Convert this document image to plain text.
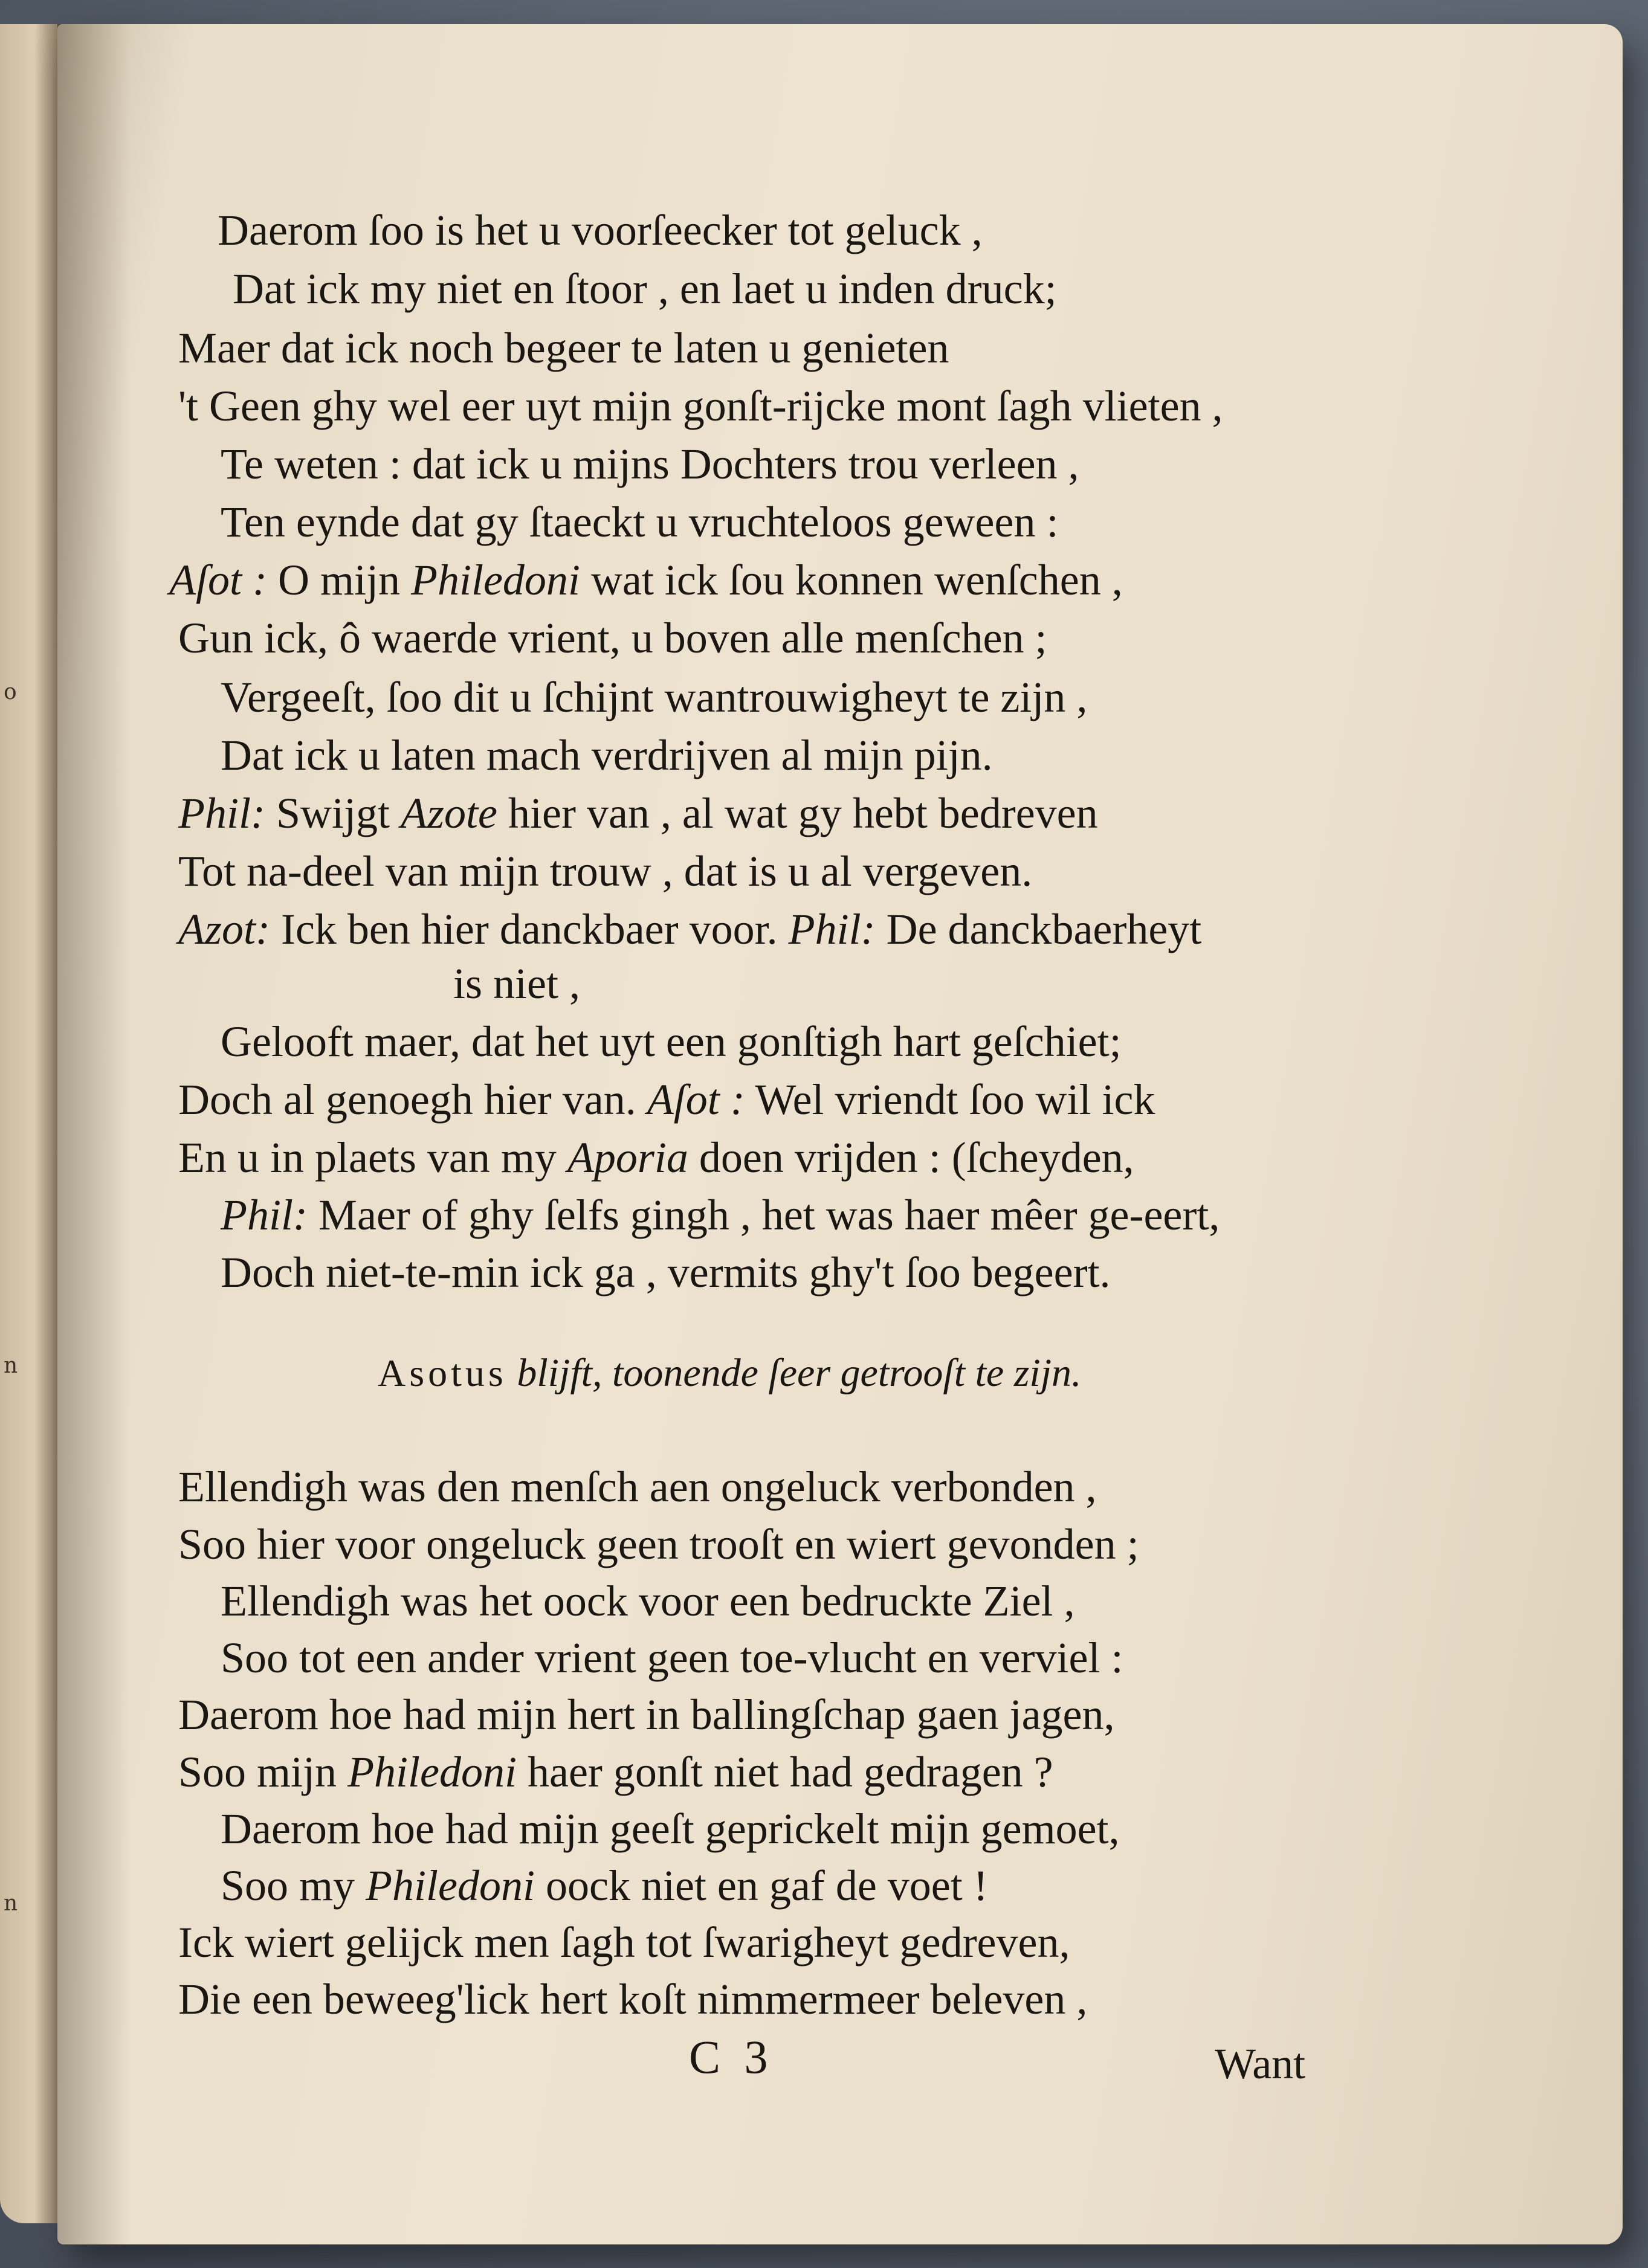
o
n
n
Daerom ſoo is het u voorſeecker tot geluck ,
Dat ick my niet en ſtoor , en laet u inden druck;
Maer dat ick noch begeer te laten u genieten
't Geen ghy wel eer uyt mijn gonſt-rijcke mont ſagh vlieten ,
Te weten : dat ick u mijns Dochters trou verleen ,
Ten eynde dat gy ſtaeckt u vruchteloos geween :
Aſot : O mijn Philedoni wat ick ſou konnen wenſchen ,
Gun ick, ô waerde vrient, u boven alle menſchen ;
Vergeeſt, ſoo dit u ſchijnt wantrouwigheyt te zijn ,
Dat ick u laten mach verdrijven al mijn pijn.
Phil: Swijgt Azote hier van , al wat gy hebt bedreven
Tot na-deel van mijn trouw , dat is u al vergeven.
Azot: Ick ben hier danckbaer voor. Phil: De danckbaerheyt
is niet ,
Gelooft maer, dat het uyt een gonſtigh hart geſchiet;
Doch al genoegh hier van. Aſot : Wel vriendt ſoo wil ick
En u in plaets van my Aporia doen vrijden : (ſcheyden,
Phil: Maer of ghy ſelfs gingh , het was haer mêer ge-eert,
Doch niet-te-min ick ga , vermits ghy't ſoo begeert.
Asotus blijft, toonende ſeer getrooſt te zijn.
Ellendigh was den menſch aen ongeluck verbonden ,
Soo hier voor ongeluck geen trooſt en wiert gevonden ;
Ellendigh was het oock voor een bedruckte Ziel ,
Soo tot een ander vrient geen toe-vlucht en verviel :
Daerom hoe had mijn hert in ballingſchap gaen jagen,
Soo mijn Philedoni haer gonſt niet had gedragen ?
Daerom hoe had mijn geeſt geprickelt mijn gemoet,
Soo my Philedoni oock niet en gaf de voet !
Ick wiert gelijck men ſagh tot ſwarigheyt gedreven,
Die een beweeg'lick hert koſt nimmermeer beleven ,
C 3	Want
